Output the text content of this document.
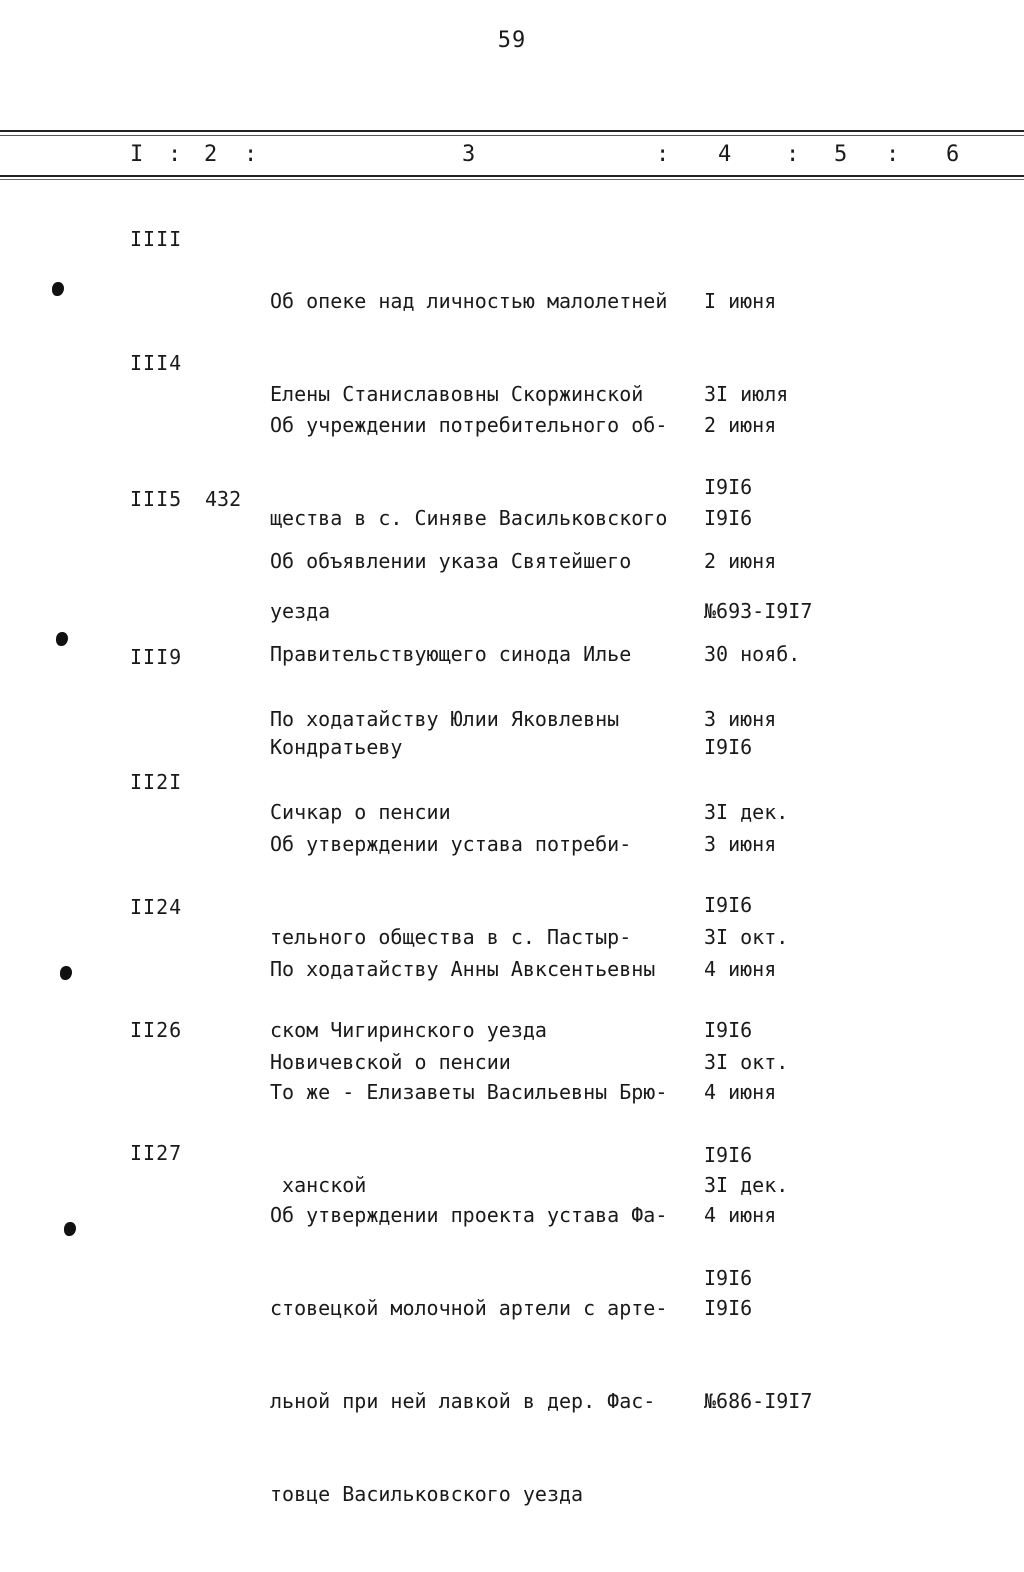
59
I : 2 :	3	: 4 : 5 : 6
IIII

Об опеке над личностью малолетней

Елены Станиславовны Скоржинской

I июня

3I июля

I9I6

III4

Об учреждении потребительного об-

щества в с. Синяве Васильковского

уезда

2 июня

I9I6

№693-I9I7

III5 432

Об объявлении указа Святейшего

Правительствующего синода Илье

Кондратьеву

2 июня

30 нояб.

I9I6

III9

По ходатайству Юлии Яковлевны

Сичкар о пенсии

3 июня

3I дек.

I9I6

II2I

Об утверждении устава потреби-

тельного общества в с. Пастыр-

ском Чигиринского уезда

3 июня

3I окт.

I9I6

II24

По ходатайству Анны Авксентьевны

Новичевской о пенсии

4 июня

3I окт.

I9I6

II26

То же - Елизаветы Васильевны Брю-

ханской

4 июня

3I дек.

I9I6

II27

Об утверждении проекта устава Фа-

стовецкой молочной артели с арте-

льной при ней лавкой в дер. Фас-

товце Васильковского уезда

4 июня

I9I6

№686-I9I7
